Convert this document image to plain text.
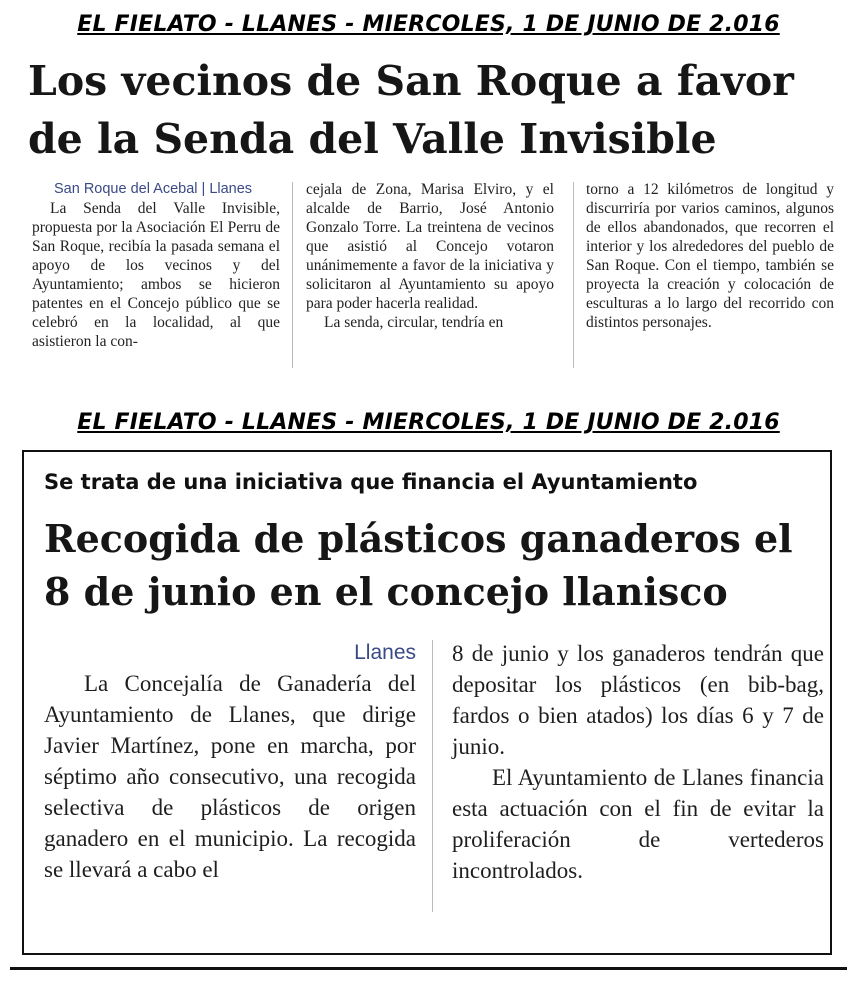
EL FIELATO - LLANES - MIERCOLES, 1 DE JUNIO DE 2.016
Los vecinos de San Roque a favor
de la Senda del Valle Invisible
San Roque del Acebal | Llanes

La Senda del Valle Invisible, propuesta por la Asociación El Perru de San Roque, recibía la pasada semana el apoyo de los vecinos y del Ayuntamiento; ambos se hicieron patentes en el Concejo público que se celebró en la localidad, al que asistieron la con-

cejala de Zona, Marisa Elviro, y el alcalde de Barrio, José Antonio Gonzalo Torre. La treintena de vecinos que asistió al Concejo votaron unánimemente a favor de la iniciativa y solicitaron al Ayuntamiento su apoyo para poder hacerla realidad.

La senda, circular, tendría en

torno a 12 kilómetros de longitud y discurriría por varios caminos, algunos de ellos abandonados, que recorren el interior y los alrededores del pueblo de San Roque. Con el tiempo, también se proyecta la creación y colocación de esculturas a lo largo del recorrido con distintos personajes.

EL FIELATO - LLANES - MIERCOLES, 1 DE JUNIO DE 2.016
Se trata de una iniciativa que financia el Ayuntamiento
Recogida de plásticos ganaderos el
8 de junio en el concejo llanisco
Llanes

La Concejalía de Ganadería del Ayuntamiento de Llanes, que dirige Javier Martínez, pone en marcha, por séptimo año consecutivo, una recogida selectiva de plásticos de origen ganadero en el municipio. La recogida se llevará a cabo el

8 de junio y los ganaderos tendrán que depositar los plásticos (en bib-bag, fardos o bien atados) los días 6 y 7 de junio.

El Ayuntamiento de Llanes financia esta actuación con el fin de evitar la proliferación de vertederos incontrolados.
